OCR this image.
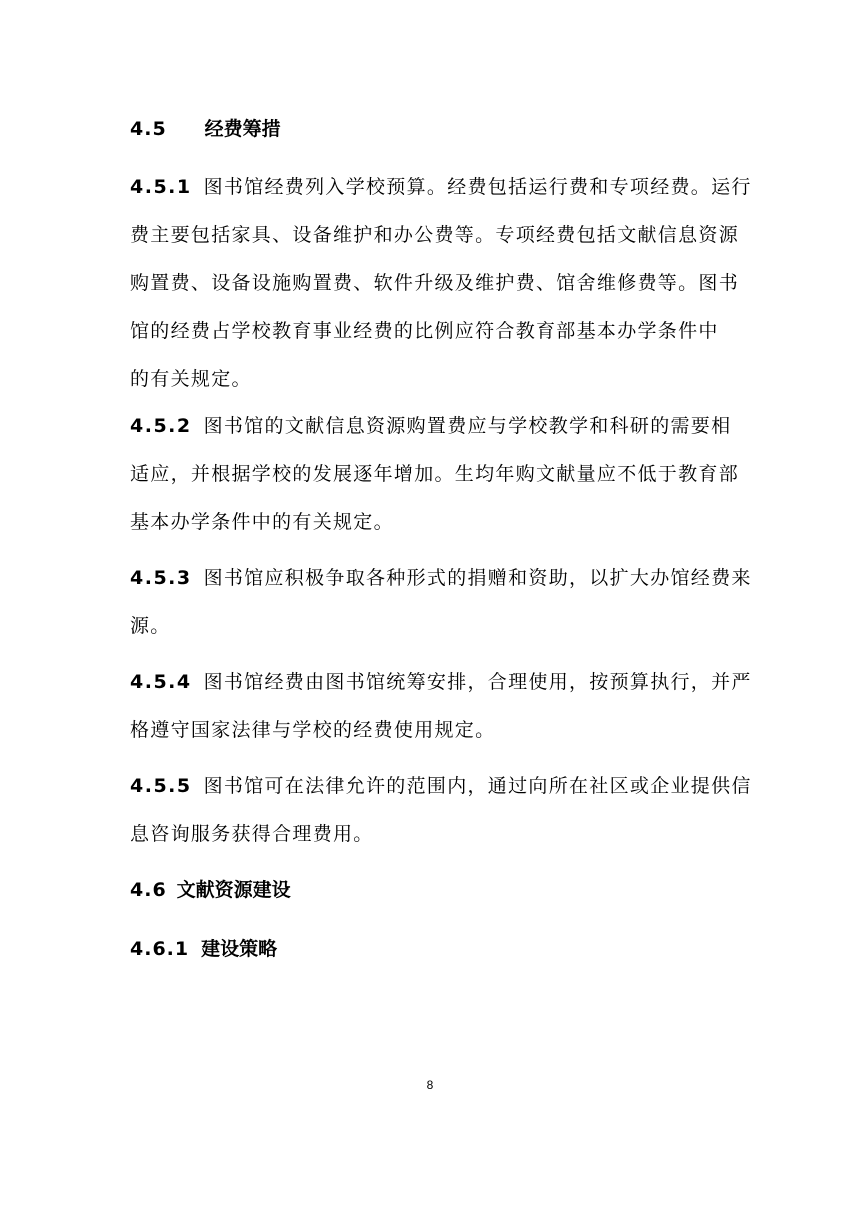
4.5 经费筹措
4.5.1 图书馆经费列入学校预算。经费包括运行费和专项经费。运行
费主要包括家具、设备维护和办公费等。专项经费包括文献信息资源
购置费、设备设施购置费、软件升级及维护费、馆舍维修费等。图书
馆的经费占学校教育事业经费的比例应符合教育部基本办学条件中
的有关规定。
4.5.2 图书馆的文献信息资源购置费应与学校教学和科研的需要相
适应，并根据学校的发展逐年增加。生均年购文献量应不低于教育部
基本办学条件中的有关规定。
4.5.3 图书馆应积极争取各种形式的捐赠和资助，以扩大办馆经费来
源。
4.5.4 图书馆经费由图书馆统筹安排，合理使用，按预算执行，并严
格遵守国家法律与学校的经费使用规定。
4.5.5 图书馆可在法律允许的范围内，通过向所在社区或企业提供信
息咨询服务获得合理费用。
4.6 文献资源建设
4.6.1 建设策略
8
